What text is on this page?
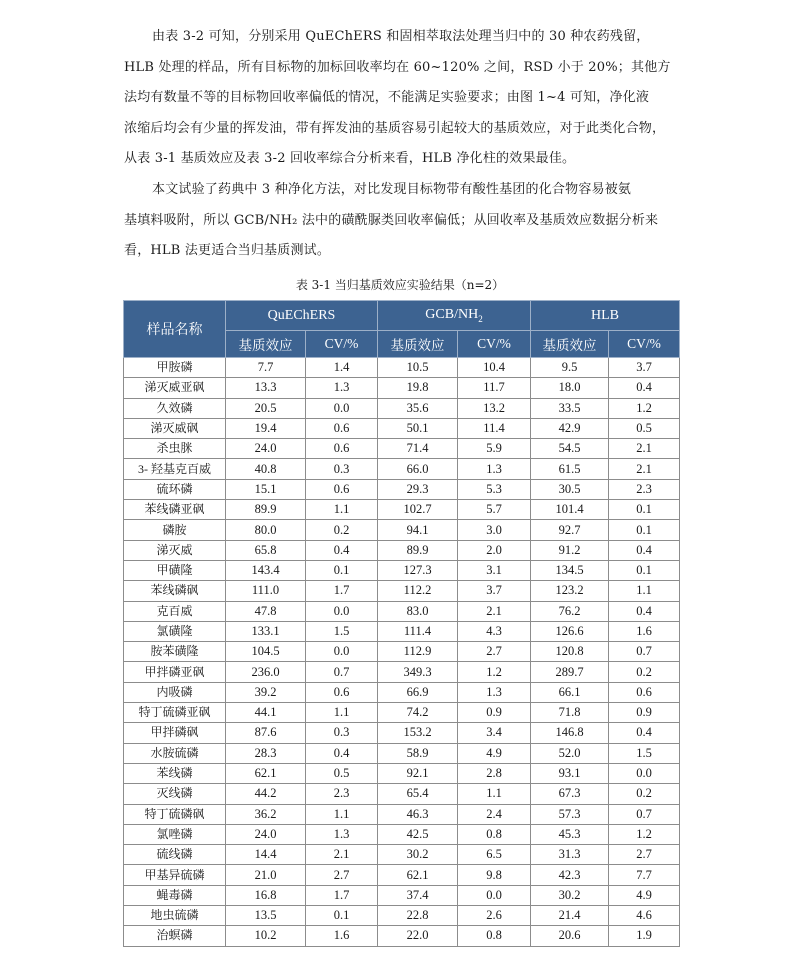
由表 3-2 可知，分别采用 QuEChERS 和固相萃取法处理当归中的 30 种农药残留，
HLB 处理的样品，所有目标物的加标回收率均在 60~120% 之间，RSD 小于 20%；其他方
法均有数量不等的目标物回收率偏低的情况，不能满足实验要求；由图 1~4 可知，净化液
浓缩后均会有少量的挥发油，带有挥发油的基质容易引起较大的基质效应，对于此类化合物，
从表 3-1 基质效应及表 3-2 回收率综合分析来看，HLB 净化柱的效果最佳。

本文试验了药典中 3 种净化方法，对比发现目标物带有酸性基团的化合物容易被氨
基填料吸附，所以 GCB/NH₂ 法中的磺酰脲类回收率偏低；从回收率及基质效应数据分析来
看，HLB 法更适合当归基质测试。

表 3-1 当归基质效应实验结果（n=2）

样品名称	QuEChERS		GCB/$NH_2$		HLB	
	基质效应	CV/%	基质效应	CV/%	基质效应	CV/%
甲胺磷	7.7	1.4	10.5	10.4	9.5	3.7
涕灭威亚砜	13.3	1.3	19.8	11.7	18.0	0.4
久效磷	20.5	0.0	35.6	13.2	33.5	1.2
涕灭威砜	19.4	0.6	50.1	11.4	42.9	0.5
杀虫脒	24.0	0.6	71.4	5.9	54.5	2.1
3- 羟基克百威	40.8	0.3	66.0	1.3	61.5	2.1
硫环磷	15.1	0.6	29.3	5.3	30.5	2.3
苯线磷亚砜	89.9	1.1	102.7	5.7	101.4	0.1
磷胺	80.0	0.2	94.1	3.0	92.7	0.1
涕灭威	65.8	0.4	89.9	2.0	91.2	0.4
甲磺隆	143.4	0.1	127.3	3.1	134.5	0.1
苯线磷砜	111.0	1.7	112.2	3.7	123.2	1.1
克百威	47.8	0.0	83.0	2.1	76.2	0.4
氯磺隆	133.1	1.5	111.4	4.3	126.6	1.6
胺苯磺隆	104.5	0.0	112.9	2.7	120.8	0.7
甲拌磷亚砜	236.0	0.7	349.3	1.2	289.7	0.2
内吸磷	39.2	0.6	66.9	1.3	66.1	0.6
特丁硫磷亚砜	44.1	1.1	74.2	0.9	71.8	0.9
甲拌磷砜	87.6	0.3	153.2	3.4	146.8	0.4
水胺硫磷	28.3	0.4	58.9	4.9	52.0	1.5
苯线磷	62.1	0.5	92.1	2.8	93.1	0.0
灭线磷	44.2	2.3	65.4	1.1	67.3	0.2
特丁硫磷砜	36.2	1.1	46.3	2.4	57.3	0.7
氯唑磷	24.0	1.3	42.5	0.8	45.3	1.2
硫线磷	14.4	2.1	30.2	6.5	31.3	2.7
甲基异硫磷	21.0	2.7	62.1	9.8	42.3	7.7
蝇毒磷	16.8	1.7	37.4	0.0	30.2	4.9
地虫硫磷	13.5	0.1	22.8	2.6	21.4	4.6
治螟磷	10.2	1.6	22.0	0.8	20.6	1.9
